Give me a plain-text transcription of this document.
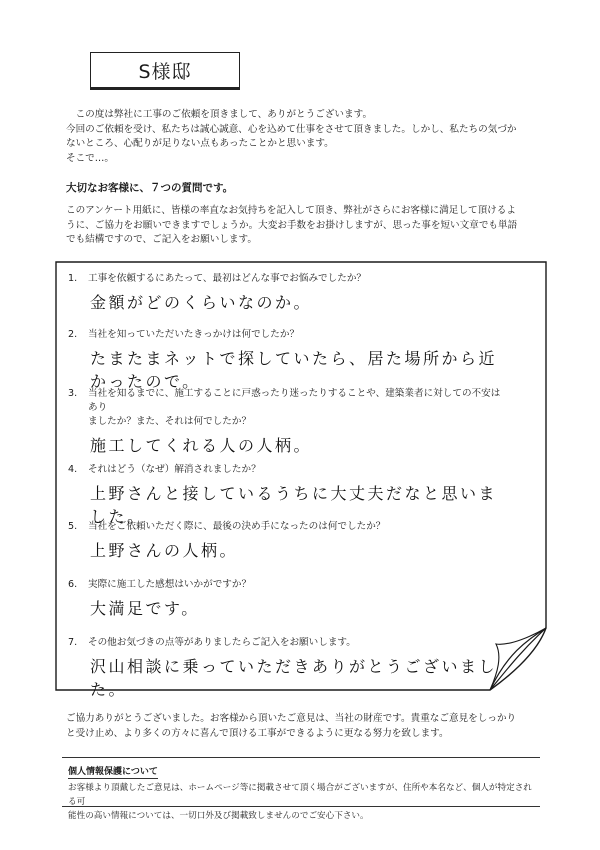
S様邸

この度は弊社に工事のご依頼を頂きまして、ありがとうございます。

今回のご依頼を受け、私たちは誠心誠意、心を込めて仕事をさせて頂きました。しかし、私たちの気づか

ないところ、心配りが足りない点もあったことかと思います。

そこで…。

大切なお客様に、７つの質問です。

このアンケート用紙に、皆様の率直なお気持ちを記入して頂き、弊社がさらにお客様に満足して頂けるよ

うに、ご協力をお願いできますでしょうか。大変お手数をお掛けしますが、思った事を短い文章でも単語

でも結構ですので、ご記入をお願いします。

1.	工事を依頼するにあたって、最初はどんな事でお悩みでしたか？
金額がどのくらいなのか。
2.	当社を知っていただいたきっかけは何でしたか？
たまたまネットで探していたら、居た場所から近かったので。
3.	当社を知るまでに、施工することに戸惑ったり迷ったりすることや、建築業者に対しての不安はあり
ましたか？また、それは何でしたか？
施工してくれる人の人柄。
4.	それはどう（なぜ）解消されましたか？
上野さんと接しているうちに大丈夫だなと思いました。
5.	当社をご依頼いただく際に、最後の決め手になったのは何でしたか？
上野さんの人柄。
6.	実際に施工した感想はいかがですか？
大満足です。
7.	その他お気づきの点等がありましたらご記入をお願いします。
沢山相談に乗っていただきありがとうございました。

ご協力ありがとうございました。お客様から頂いたご意見は、当社の財産です。貴重なご意見をしっかり

と受け止め、より多くの方々に喜んで頂ける工事ができるように更なる努力を致します。

個人情報保護について

お客様より頂戴したご意見は、ホームページ等に掲載させて頂く場合がございますが、住所や本名など、個人が特定される可

能性の高い情報については、一切口外及び掲載致しませんのでご安心下さい。
